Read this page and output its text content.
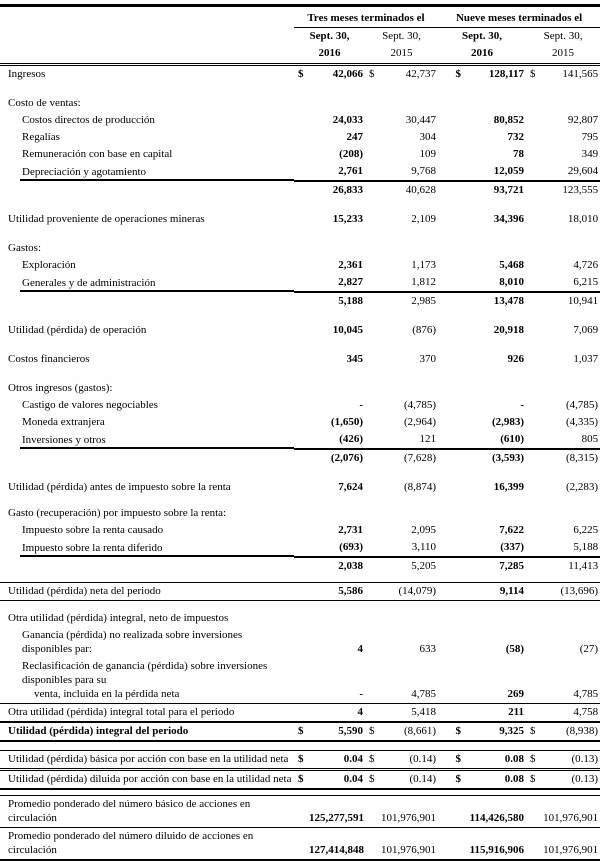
	Tres meses terminados el				Nueve meses terminados el			
	Sept. 30,		Sept. 30,		Sept. 30,		Sept. 30,	
	2016		2015		2016		2015	
Ingresos	$	42,066	$	42,737	$	128,117	$	141,565

Costo de ventas:								
Costos directos de producción		24,033		30,447		80,852		92,807
Regalías		247		304		732		795
Remuneración con base en capital		(208)		109		78		349
Depreciación y agotamiento		2,761		9,768		12,059		29,604
		26,833		40,628		93,721		123,555

Utilidad proveniente de operaciones mineras		15,233		2,109		34,396		18,010

Gastos:								
Exploración		2,361		1,173		5,468		4,726
Generales y de administración		2,827		1,812		8,010		6,215
		5,188		2,985		13,478		10,941

Utilidad (pérdida) de operación		10,045		(876)		20,918		7,069

Costos financieros		345		370		926		1,037

Otros ingresos (gastos):								
Castigo de valores negociables		-		(4,785)		-		(4,785)
Moneda extranjera		(1,650)		(2,964)		(2,983)		(4,335)
Inversiones y otros		(426)		121		(610)		805
		(2,076)		(7,628)		(3,593)		(8,315)

Utilidad (pérdida) antes de impuesto sobre la renta		7,624		(8,874)		16,399		(2,283)

Gasto (recuperación) por impuesto sobre la renta:								
Impuesto sobre la renta causado		2,731		2,095		7,622		6,225
Impuesto sobre la renta diferido		(693)		3,110		(337)		5,188
		2,038		5,205		7,285		11,413

Utilidad (pérdida) neta del periodo		5,586		(14,079)		9,114		(13,696)

Otra utilidad (pérdida) integral, neto de impuestos								
Ganancia (pérdida) no realizada sobre inversiones disponibles par:		4		633		(58)		(27)
Reclasificación de ganancia (pérdida) sobre inversiones disponibles para su
venta, incluida en la pérdida neta		-		4,785		269		4,785
Otra utilidad (pérdida) integral total para el periodo		4		5,418		211		4,758
Utilidad (pérdida) integral del periodo	$	5,590	$	(8,661)	$	9,325	$	(8,938)

Utilidad (pérdida) básica por acción con base en la utilidad neta	$	0.04	$	(0.14)	$	0.08	$	(0.13)

Utilidad (pérdida) diluida por acción con base en la utilidad neta	$	0.04	$	(0.14)	$	0.08	$	(0.13)

Promedio ponderado del número básico de acciones en circulación		125,277,591		101,976,901		114,426,580		101,976,901
Promedio ponderado del número diluido de acciones en circulación		127,414,848		101,976,901		115,916,906		101,976,901
